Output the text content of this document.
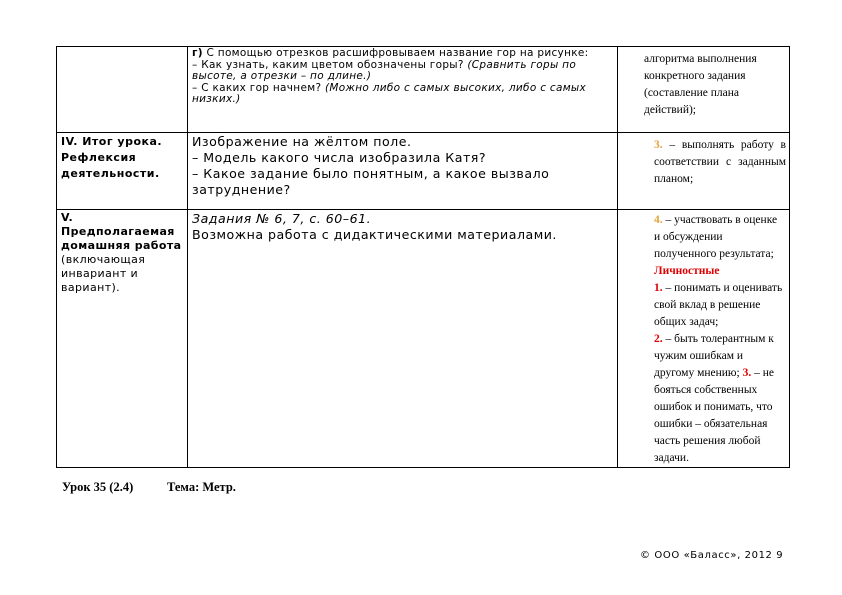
	г) С помощью отрезков расшифровываем название гор на рисунке:
– Как узнать, каким цветом обозначены горы? (Сравнить горы по высоте, а отрезки – по длине.)
– С каких гор начнем? (Можно либо с самых высоких, либо с самых низких.)	алгоритма выполнения конкретного задания (составление плана действий);
IV. Итог урока. Рефлексия деятельности.	Изображение на жёлтом поле.
– Модель какого числа изобразила Катя?
– Какое задание было понятным, а какое вызвало затруднение?	3. – выполнять работу в соответствии с заданным планом;
V. Предполагаемая домашняя работа
(включающая инвариант и вариант).	Задания № 6, 7, с. 60–61.
Возможна работа с дидактическими материалами.	4. – участвовать в оценке и обсуждении полученного результата;
Личностные
1. – понимать и оценивать свой вклад в решение общих задач;
2. – быть толерантным к чужим ошибкам и другому мнению; 3. – не бояться собственных ошибок и понимать, что ошибки – обязательная часть решения любой задачи.
Урок 35 (2.4)	Тема: Метр.
© ООО «Баласс», 2012 9
